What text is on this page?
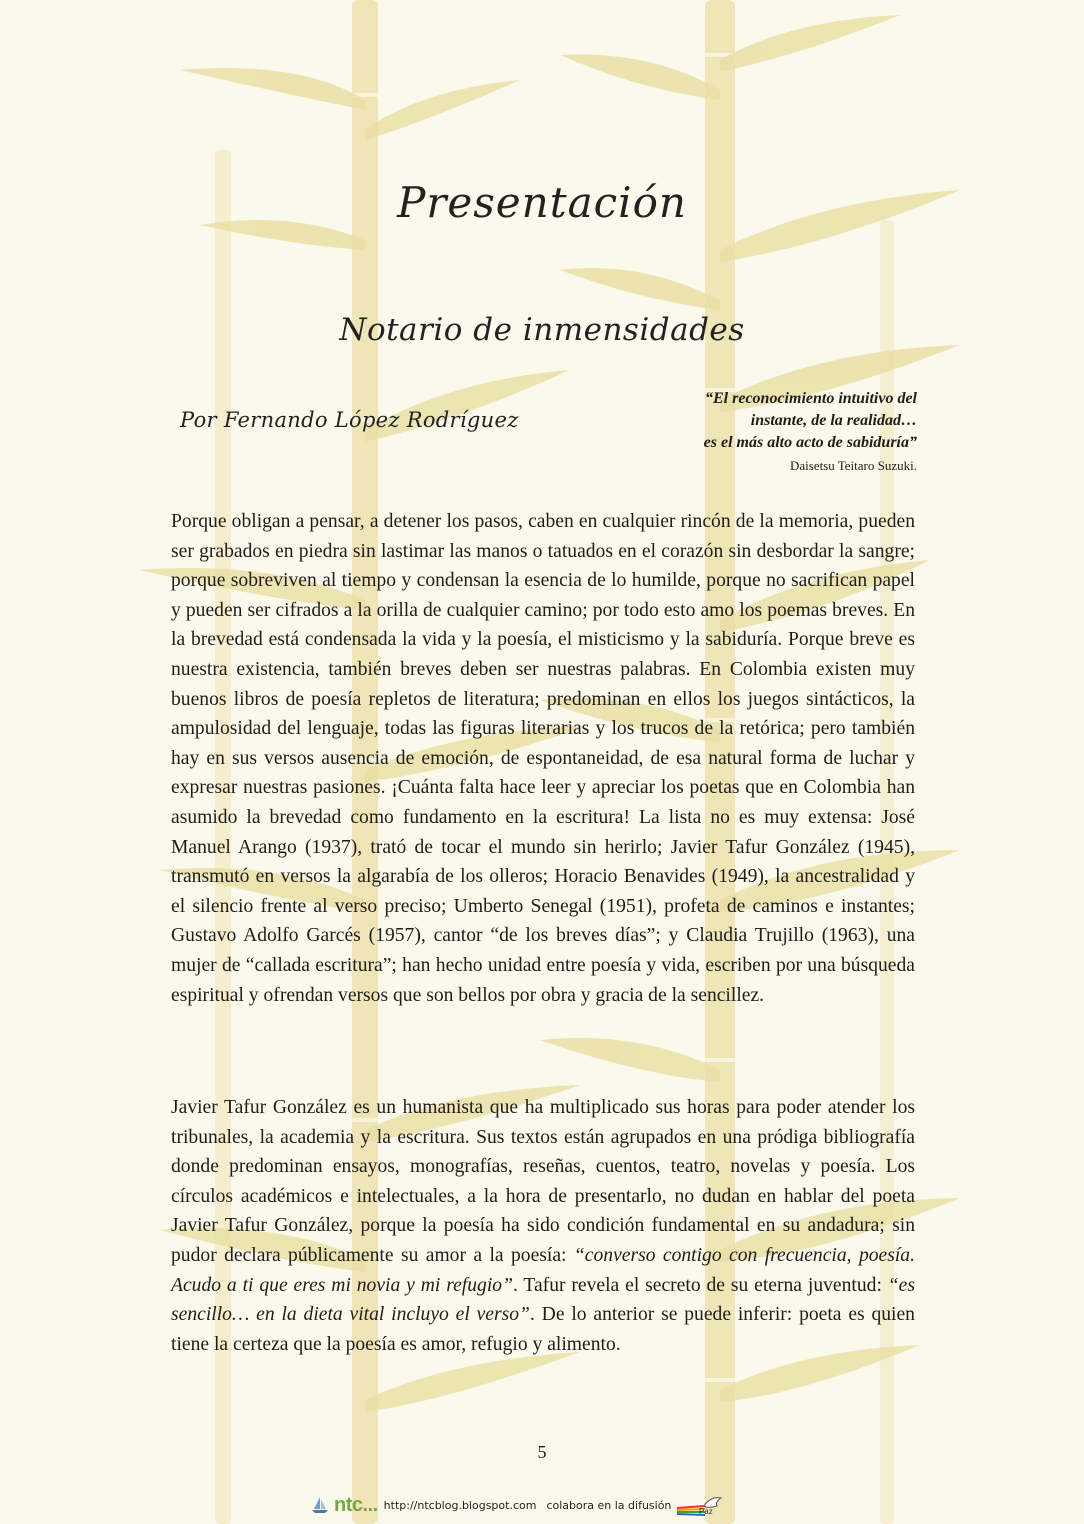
Presentación
Notario de inmensidades
Por Fernando López Rodríguez
“El reconocimiento intuitivo del
instante, de la realidad…
es el más alto acto de sabiduría”
Daisetsu Teitaro Suzuki.

Porque obligan a pensar, a detener los pasos, caben en cualquier rincón de la memoria, pueden ser grabados en piedra sin lastimar las manos o tatuados en el corazón sin desbordar la sangre; porque sobreviven al tiempo y condensan la esencia de lo humilde, porque no sacrifican papel y pueden ser cifrados a la orilla de cualquier camino; por todo esto amo los poemas breves. En la brevedad está condensada la vida y la poesía, el misticismo y la sabiduría. Porque breve es nuestra existencia, también breves deben ser nuestras palabras. En Colombia existen muy buenos libros de poesía repletos de literatura; predominan en ellos los juegos sintácticos, la ampulosidad del lenguaje, todas las figuras literarias y los trucos de la retórica; pero también hay en sus versos ausencia de emoción, de espontaneidad, de esa natural forma de luchar y expresar nuestras pasiones. ¡Cuánta falta hace leer y apreciar los poetas que en Colombia han asumido la brevedad como fundamento en la escritura! La lista no es muy extensa: José Manuel Arango (1937), trató de tocar el mundo sin herirlo; Javier Tafur González (1945), transmutó en versos la algarabía de los olleros; Horacio Benavides (1949), la ancestralidad y el silencio frente al verso preciso; Umberto Senegal (1951), profeta de caminos e instantes; Gustavo Adolfo Garcés (1957), cantor “de los breves días”; y Claudia Trujillo (1963), una mujer de “callada escritura”; han hecho unidad entre poesía y vida, escriben por una búsqueda espiritual y ofrendan versos que son bellos por obra y gracia de la sencillez.

Javier Tafur González es un humanista que ha multiplicado sus horas para poder atender los tribunales, la academia y la escritura. Sus textos están agrupados en una pródiga bibliografía donde predominan ensayos, monografías, reseñas, cuentos, teatro, novelas y poesía. Los círculos académicos e intelectuales, a la hora de presentarlo, no dudan en hablar del poeta Javier Tafur González, porque la poesía ha sido condición fundamental en su andadura; sin pudor declara públicamente su amor a la poesía: “converso contigo con frecuencia, poesía. Acudo a ti que eres mi novia y mi refugio”. Tafur revela el secreto de su eterna juventud: “es sencillo… en la dieta vital incluyo el verso”. De lo anterior se puede inferir: poeta es quien tiene la certeza que la poesía es amor, refugio y alimento.

5
ntc... http://ntcblog.blogspot.com colabora en la difusión	Paz
